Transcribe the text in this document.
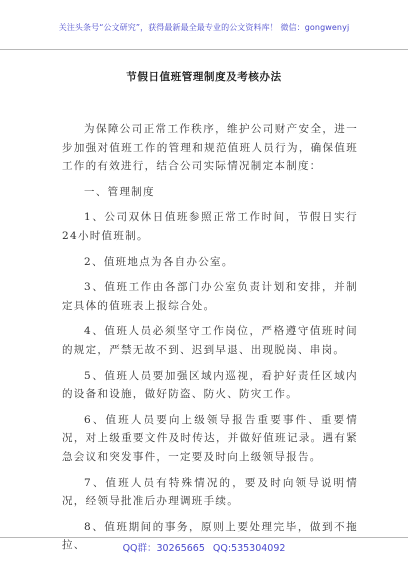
关注头条号“公文研究”，获得最新最全最专业的公文资料库！ 微信：gongwenyj
节假日值班管理制度及考核办法

为保障公司正常工作秩序，维护公司财产安全，进一步加强对值班工作的管理和规范值班人员行为，确保值班工作的有效进行，结合公司实际情况制定本制度：

一、管理制度

1、公司双休日值班参照正常工作时间，节假日实行24小时值班制。

2、值班地点为各自办公室。

3、值班工作由各部门办公室负责计划和安排，并制定具体的值班表上报综合处。

4、值班人员必须坚守工作岗位，严格遵守值班时间的规定，严禁无故不到、迟到早退、出现脱岗、串岗。

5、值班人员要加强区域内巡视，看护好责任区域内的设备和设施，做好防盗、防火、防灾工作。

6、值班人员要向上级领导报告重要事件、重要情况，对上级重要文件及时传达，并做好值班记录。遇有紧急会议和突发事件，一定要及时向上级领导报告。

7、值班人员有特殊情况的，要及时向领导说明情况，经领导批准后办理调班手续。

8、值班期间的事务，原则上要处理完毕，做到不拖拉、	QQ群：30265665 QQ:535304092
